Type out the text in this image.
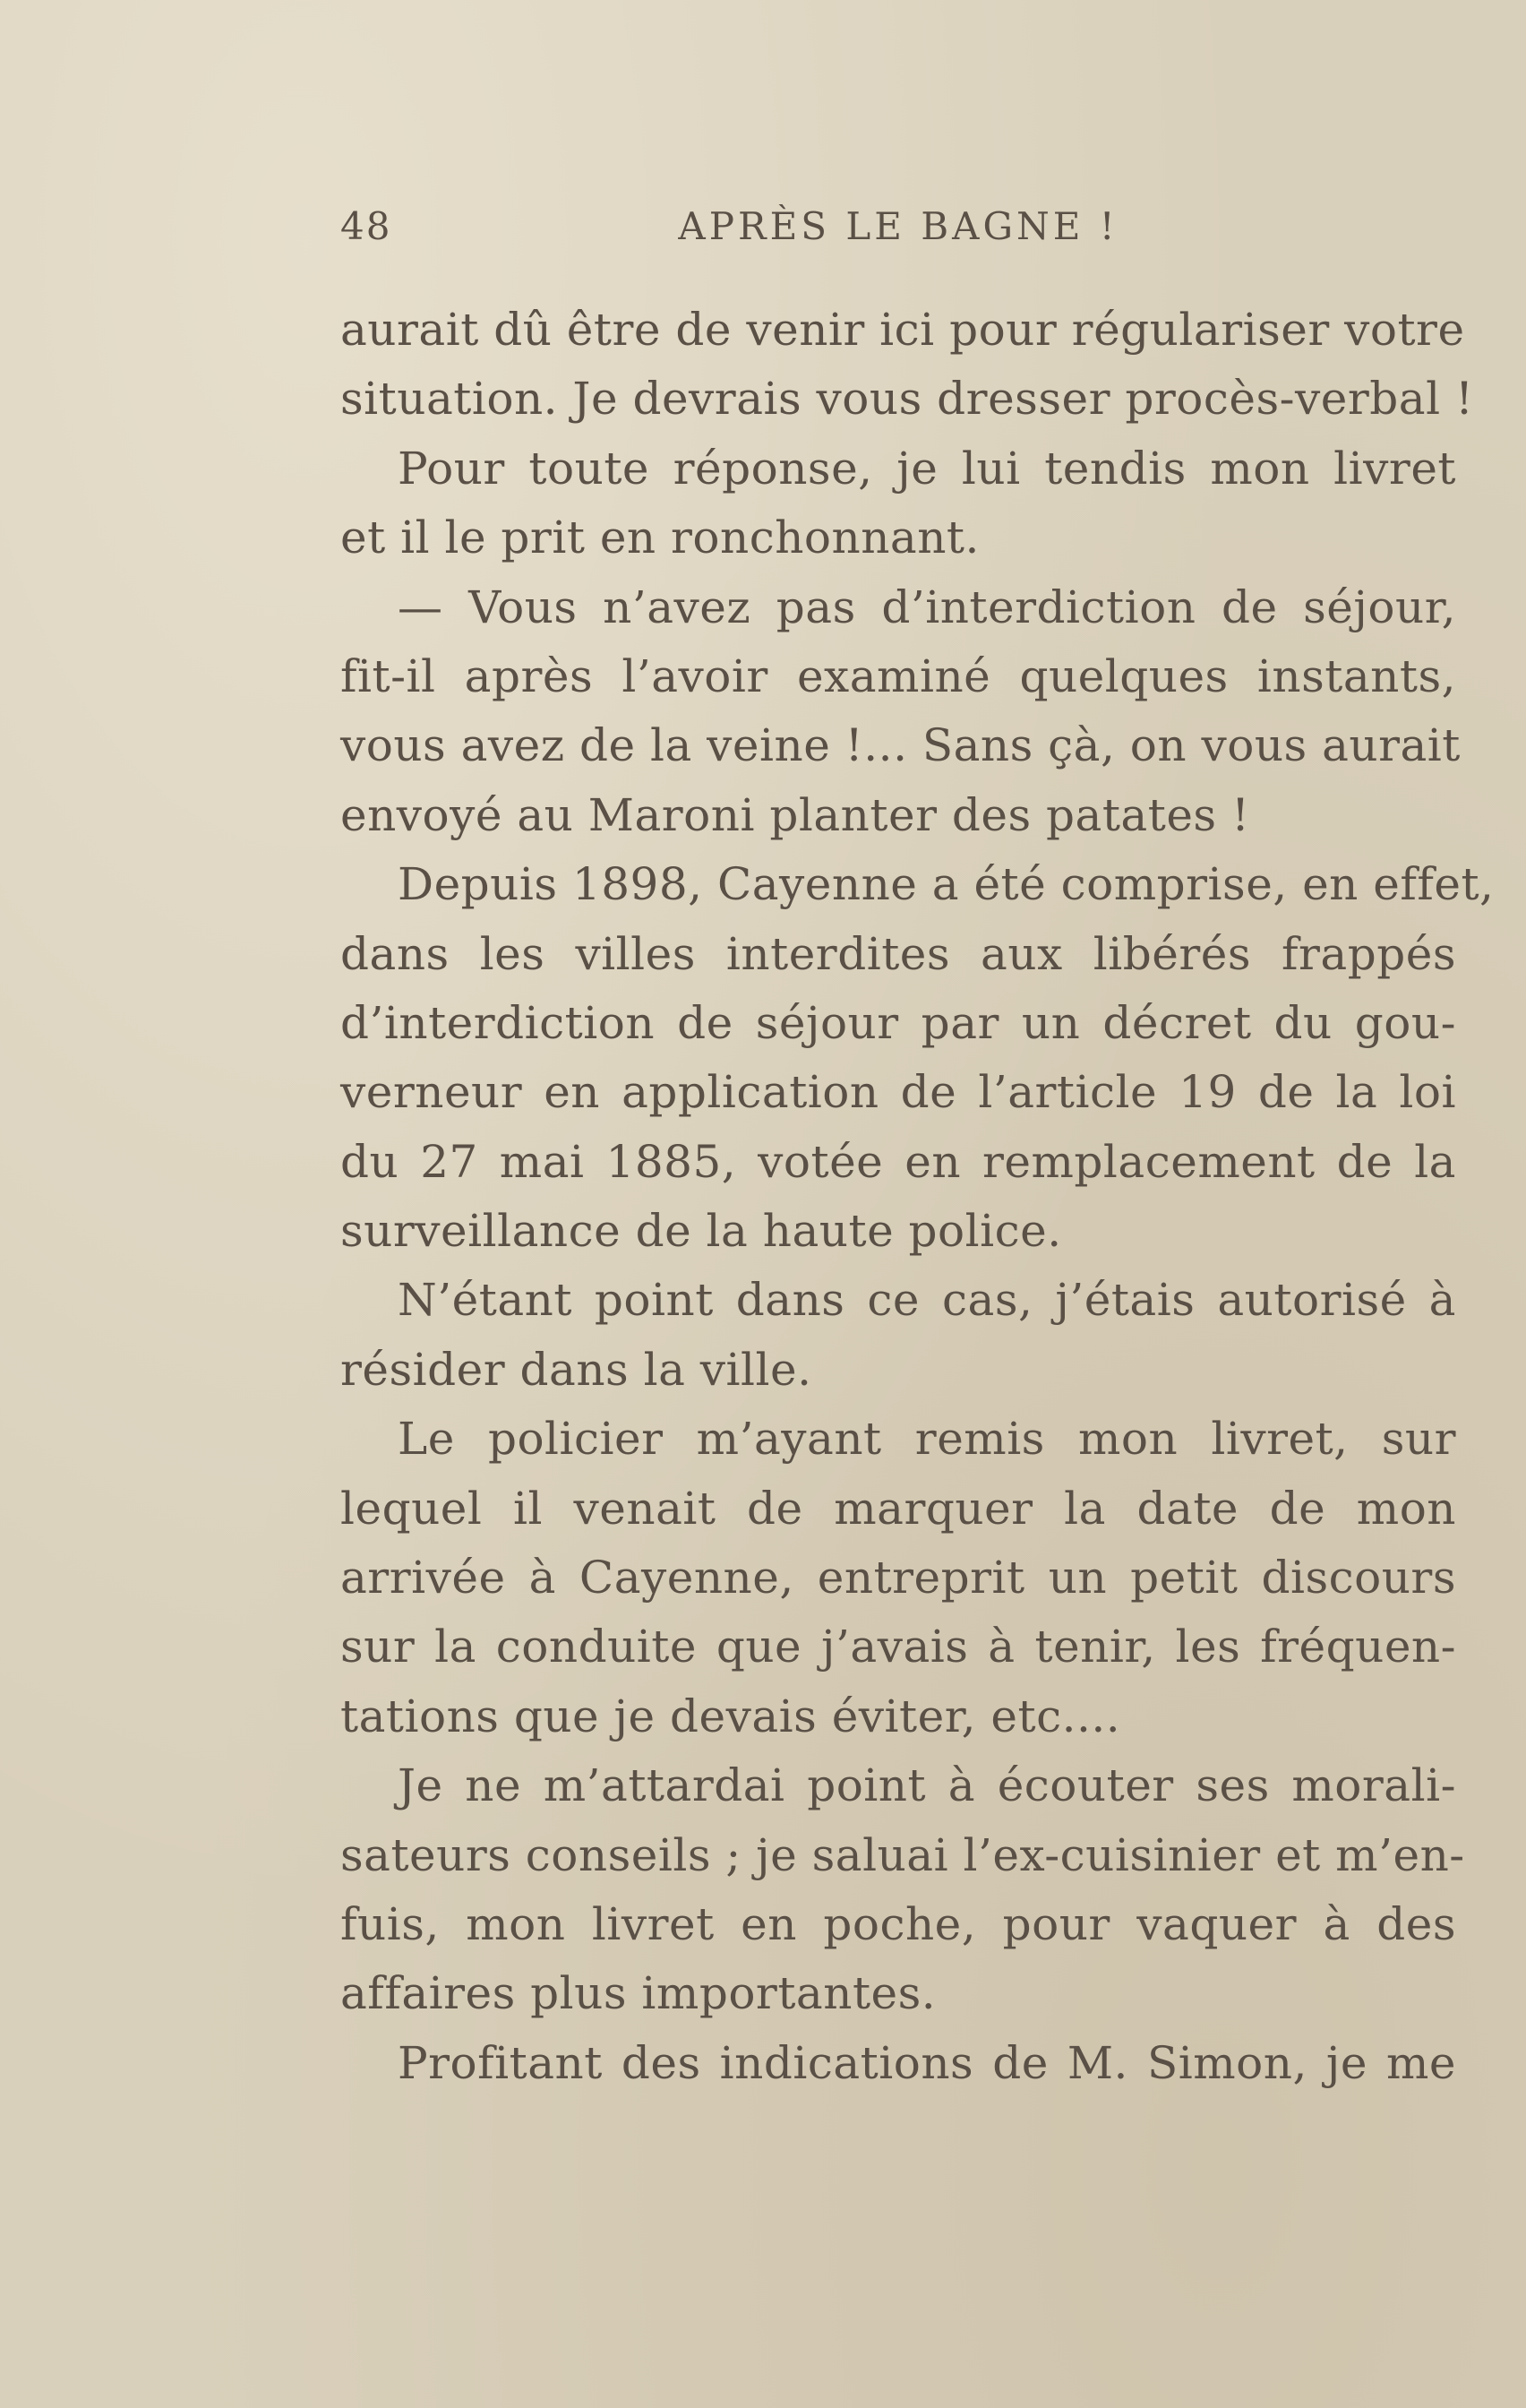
48	APRÈS LE BAGNE !
aurait dû être de venir ici pour régulariser votre
situation. Je devrais vous dresser procès-verbal !
Pour toute réponse, je lui tendis mon livret
et il le prit en ronchonnant.
— Vous n’avez pas d’interdiction de séjour,
fit-il après l’avoir examiné quelques instants,
vous avez de la veine !... Sans çà, on vous aurait
envoyé au Maroni planter des patates !
Depuis 1898, Cayenne a été comprise, en effet,
dans les villes interdites aux libérés frappés
d’interdiction de séjour par un décret du gou-
verneur en application de l’article 19 de la loi
du 27 mai 1885, votée en remplacement de la
surveillance de la haute police.
N’étant point dans ce cas, j’étais autorisé à
résider dans la ville.
Le policier m’ayant remis mon livret, sur
lequel il venait de marquer la date de mon
arrivée à Cayenne, entreprit un petit discours
sur la conduite que j’avais à tenir, les fréquen-
tations que je devais éviter, etc....
Je ne m’attardai point à écouter ses morali-
sateurs conseils ; je saluai l’ex-cuisinier et m’en-
fuis, mon livret en poche, pour vaquer à des
affaires plus importantes.
Profitant des indications de M. Simon, je me
